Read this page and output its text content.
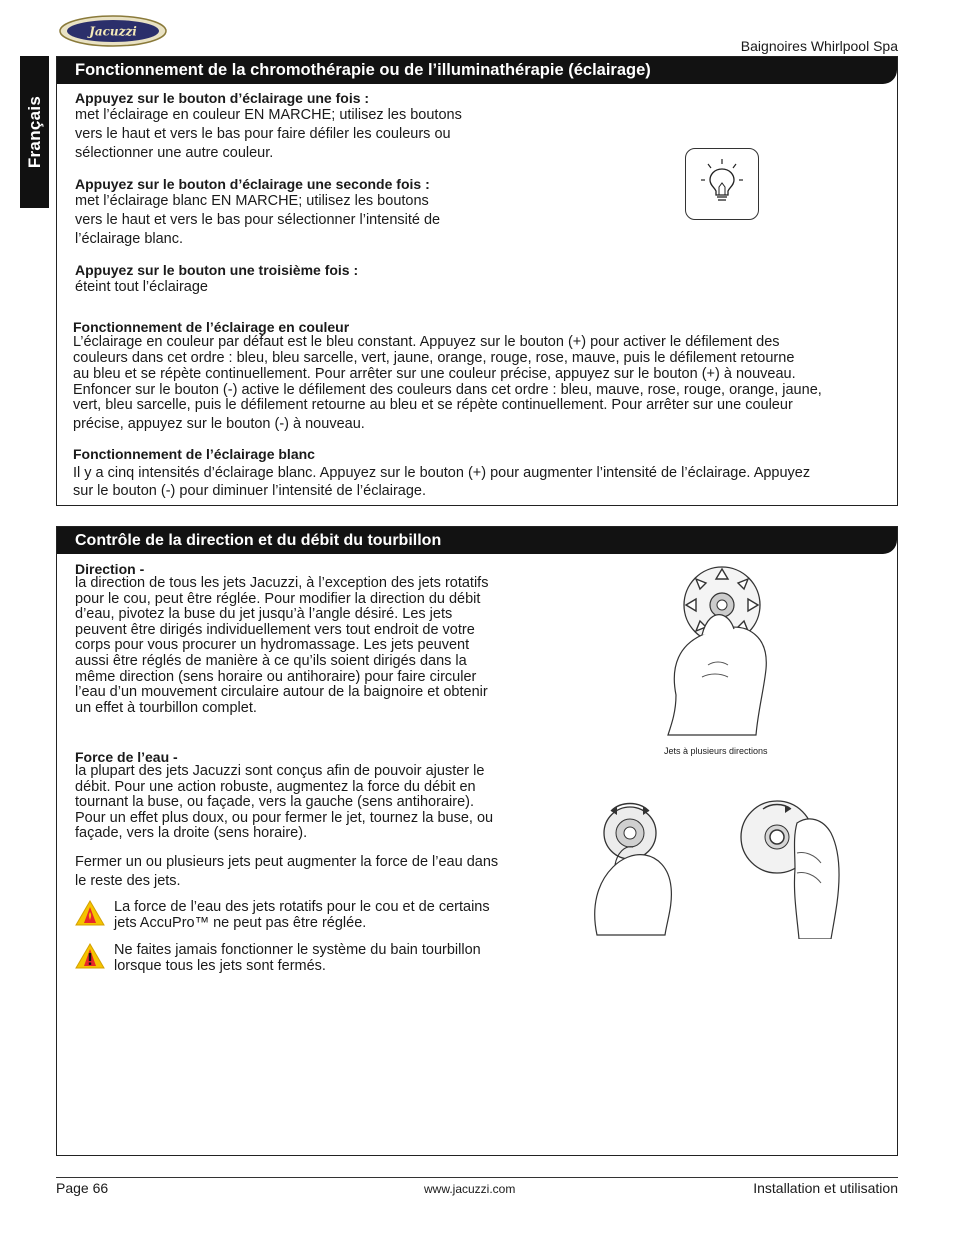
Jacuzzi
Baignoires Whirlpool Spa
Français
Fonctionnement de la chromothérapie ou de l’illuminathérapie (éclairage)
Appuyez sur le bouton d’éclairage une fois :
met l’éclairage en couleur EN MARCHE; utilisez les boutons
vers le haut et vers le bas pour faire défiler les couleurs ou
sélectionner une autre couleur.
Appuyez sur le bouton d’éclairage une seconde fois :
met l’éclairage blanc EN MARCHE; utilisez les boutons
vers le haut et vers le bas pour sélectionner l’intensité de
l’éclairage blanc.
Appuyez sur le bouton une troisième fois :
éteint tout l’éclairage
Fonctionnement de l’éclairage en couleur
L’éclairage en couleur par défaut est le bleu constant. Appuyez sur le bouton (+) pour activer le défilement des
couleurs dans cet ordre : bleu, bleu sarcelle, vert, jaune, orange, rouge, rose, mauve, puis le défilement retourne
au bleu et se répète continuellement. Pour arrêter sur une couleur précise, appuyez sur le bouton (+) à nouveau.
Enfoncer sur le bouton (-) active le défilement des couleurs dans cet ordre : bleu, mauve, rose, rouge, orange, jaune,
vert, bleu sarcelle, puis le défilement retourne au bleu et se répète continuellement. Pour arrêter sur une couleur
précise, appuyez sur le bouton (-) à nouveau.
Fonctionnement de l’éclairage blanc
Il y a cinq intensités d’éclairage blanc. Appuyez sur le bouton (+) pour augmenter l’intensité de l’éclairage. Appuyez
sur le bouton (-) pour diminuer l’intensité de l’éclairage.
Contrôle de la direction et du débit du tourbillon
Direction -
la direction de tous les jets Jacuzzi, à l’exception des jets rotatifs
pour le cou, peut être réglée. Pour modifier la direction du débit
d’eau, pivotez la buse du jet jusqu’à l’angle désiré. Les jets
peuvent être dirigés individuellement vers tout endroit de votre
corps pour vous procurer un hydromassage. Les jets peuvent
aussi être réglés de manière à ce qu’ils soient dirigés dans la
même direction (sens horaire ou antihoraire) pour faire circuler
l’eau d’un mouvement circulaire autour de la baignoire et obtenir
un effet à tourbillon complet.
Force de l’eau -
la plupart des jets Jacuzzi sont conçus afin de pouvoir ajuster le
débit. Pour une action robuste, augmentez la force du débit en
tournant la buse, ou façade, vers la gauche (sens antihoraire).
Pour un effet plus doux, ou pour fermer le jet, tournez la buse, ou
façade, vers la droite (sens horaire).
Fermer un ou plusieurs jets peut augmenter la force de l’eau dans
le reste des jets.
La force de l’eau des jets rotatifs pour le cou et de certains
jets AccuPro™ ne peut pas être réglée.
Ne faites jamais fonctionner le système du bain tourbillon
lorsque tous les jets sont fermés.
Jets à plusieurs directions
Page 66	www.jacuzzi.com	Installation et utilisation
